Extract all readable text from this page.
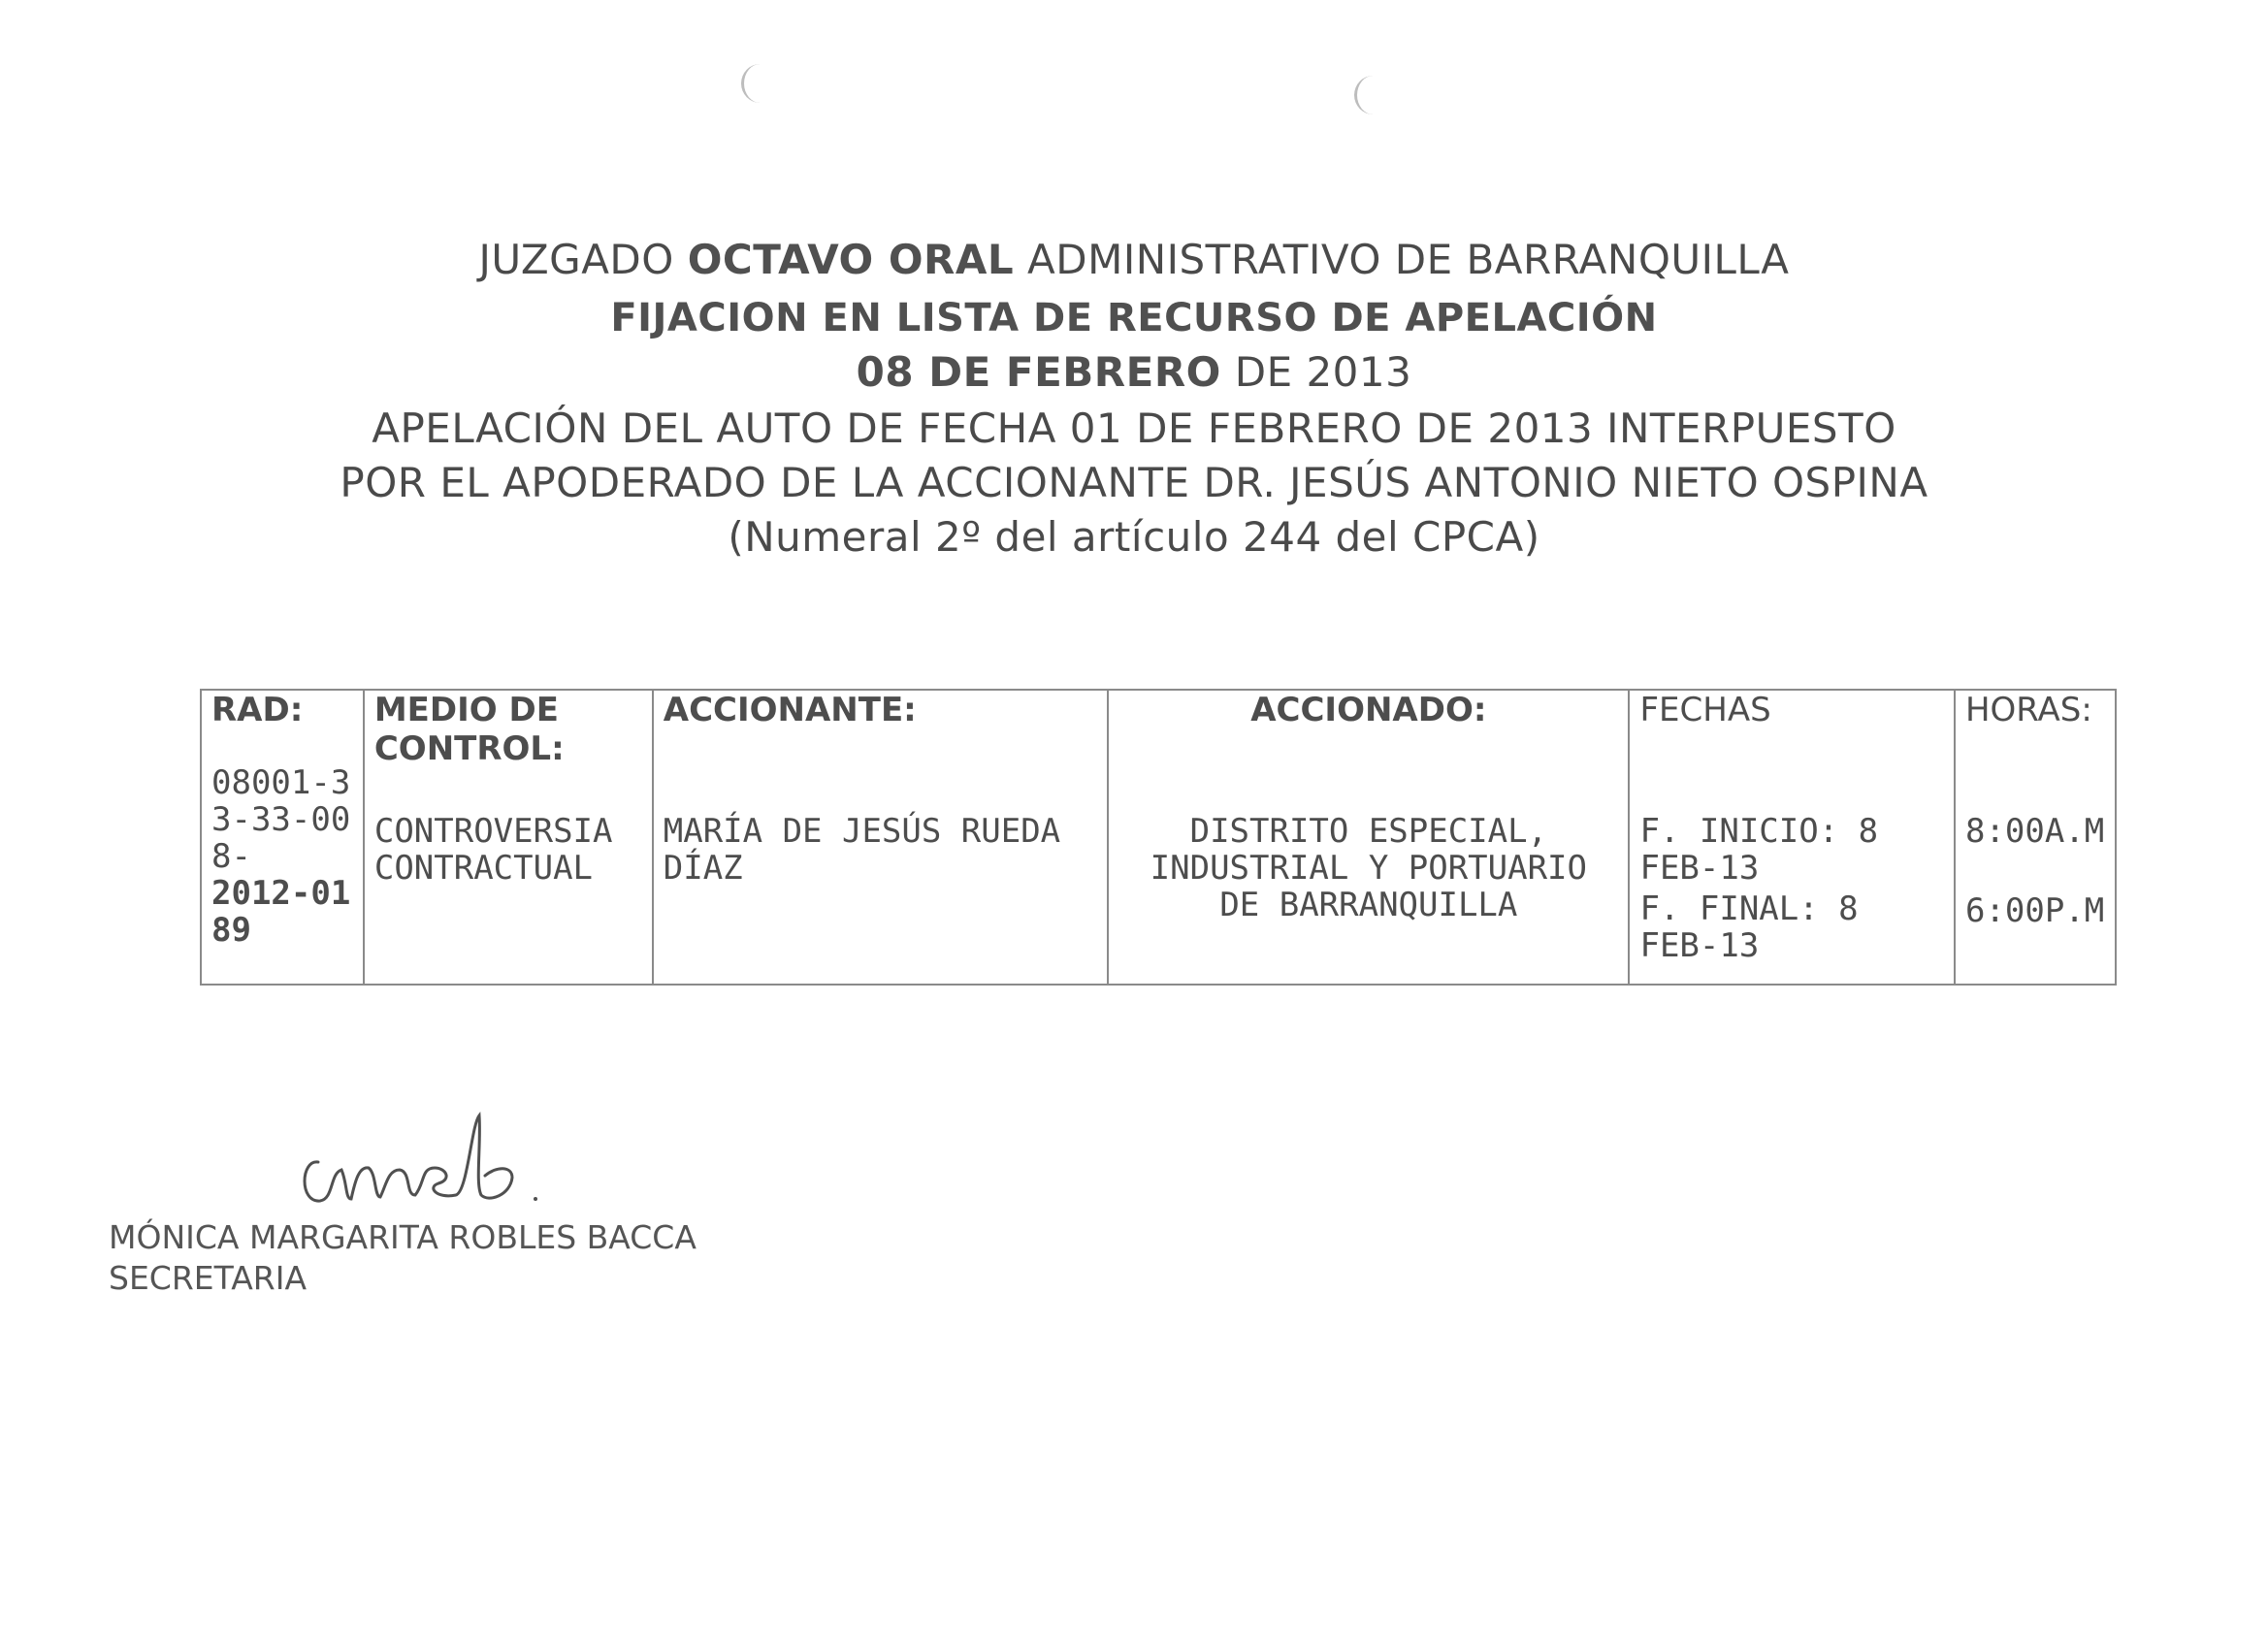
JUZGADO OCTAVO ORAL ADMINISTRATIVO DE BARRANQUILLA
FIJACION EN LISTA DE RECURSO DE APELACIÓN
08 DE FEBRERO DE 2013
APELACIÓN DEL AUTO DE FECHA 01 DE FEBRERO DE 2013 INTERPUESTO
POR EL APODERADO DE LA ACCIONANTE DR. JESÚS ANTONIO NIETO OSPINA
(Numeral 2º del artículo 244 del CPCA)
RAD:
08001-33-33-008-
2012-0189

MEDIO DE CONTROL:
CONTROVERSIA CONTRACTUAL

ACCIONANTE:
MARÍA DE JESÚS RUEDA DÍAZ

ACCIONADO:
DISTRITO ESPECIAL, INDUSTRIAL Y PORTUARIO DE BARRANQUILLA

FECHAS
F. INICIO: 8 FEB-13
F. FINAL: 8 FEB-13

HORAS:
8:00A.M
6:00P.M
MÓNICA MARGARITA ROBLES BACCA
SECRETARIA
